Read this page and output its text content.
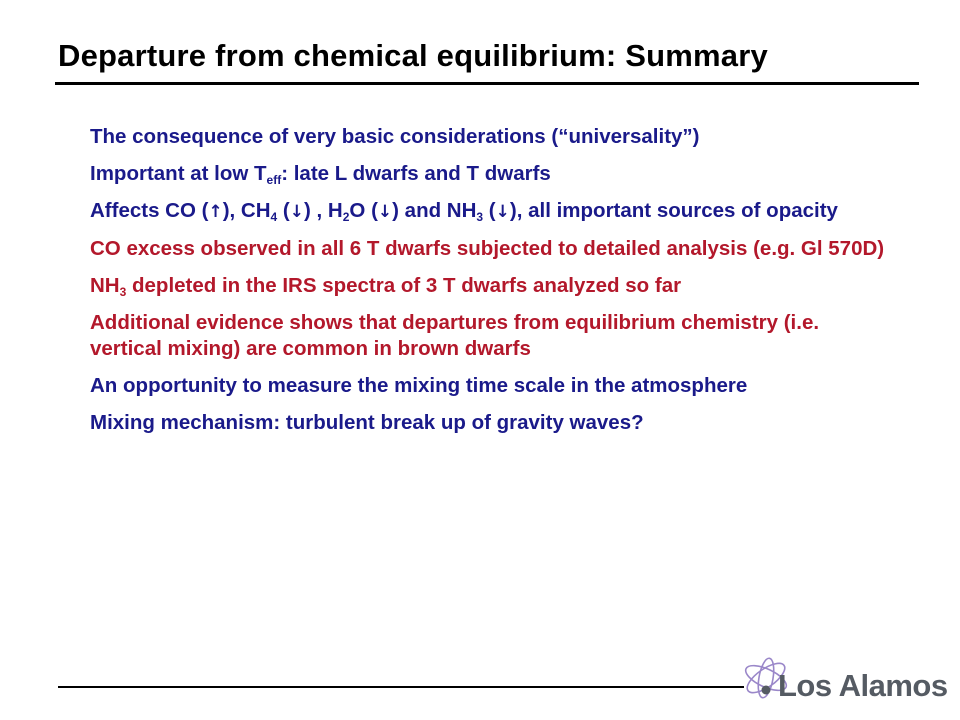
Departure from chemical equilibrium: Summary
The consequence of very basic considerations (“universality”)
Important at low $T_{eff}$: late L dwarfs and T dwarfs
Affects CO (↑), $CH_4$ (↓) , $H_2O$ (↓) and $NH_3$ (↓), all important sources of opacity
CO excess observed in all 6 T dwarfs subjected to detailed analysis (e.g. Gl 570D)
$NH_3$ depleted in the IRS spectra of 3 T dwarfs analyzed so far
Additional evidence shows that departures from equilibrium chemistry (i.e. vertical mixing) are common in brown dwarfs
An opportunity to measure the mixing time scale in the atmosphere
Mixing mechanism: turbulent break up of gravity waves?
Los Alamos
